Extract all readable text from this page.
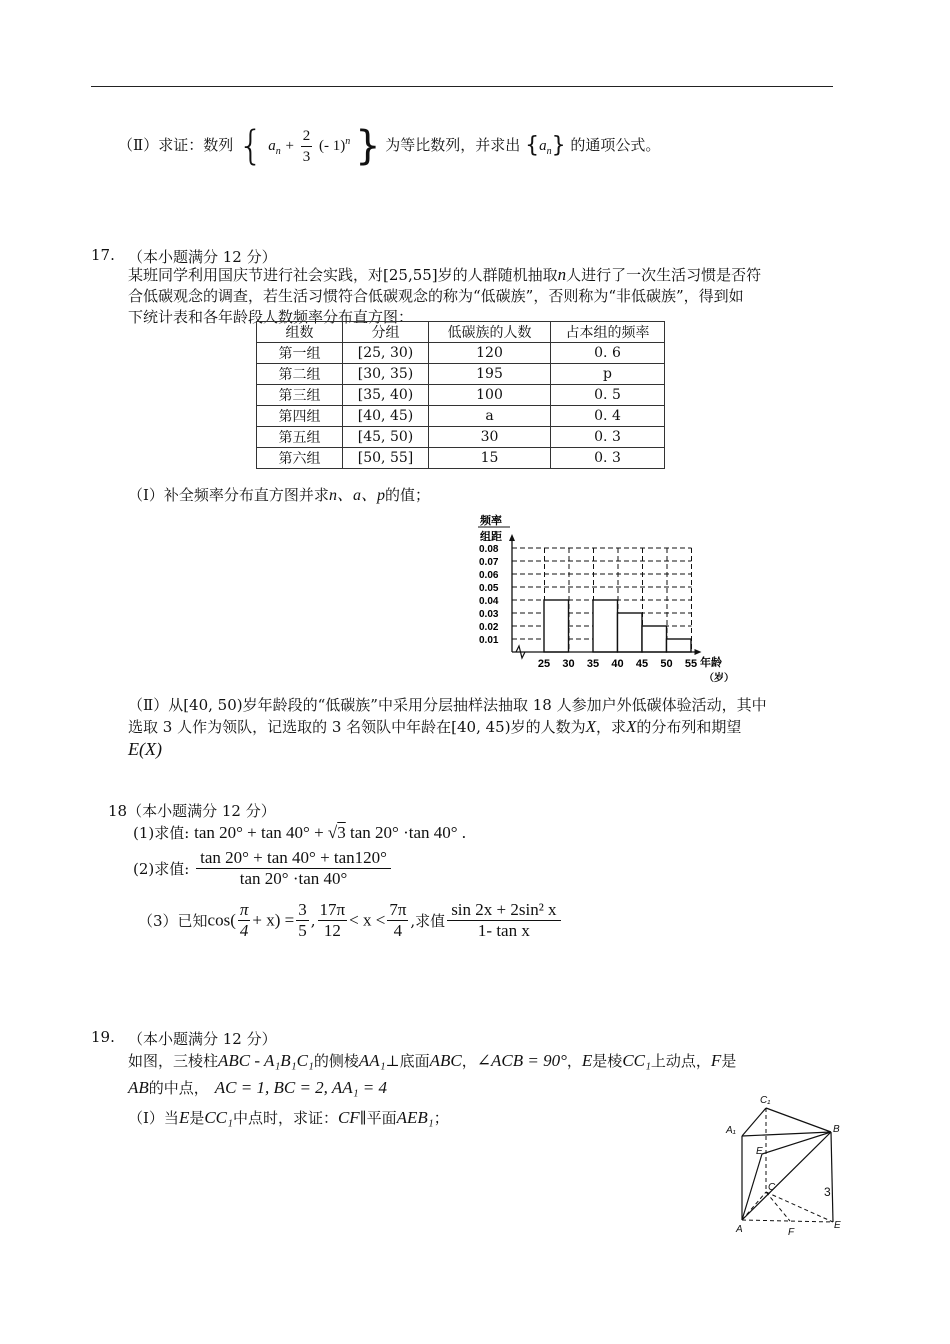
（Ⅱ）求证：数列 { $a_n + \frac{2}{3}$ (- 1)$^n$ } 为等比数列，并求出 $\{a_n\}$ 的通项公式。
17. （本小题满分 12 分）
某班同学利用国庆节进行社会实践，对[25,55]岁的人群随机抽取n人进行了一次生活习惯是否符
合低碳观念的调查，若生活习惯符合低碳观念的称为“低碳族”，否则称为“非低碳族”，得到如
下统计表和各年龄段人数频率分布直方图：
组数	分组	低碳族的人数	占本组的频率
第一组	[25, 30)	120	0. 6
第二组	[30, 35)	195	p
第三组	[35, 40)	100	0. 5
第四组	[40, 45)	a	0. 4
第五组	[45, 50)	30	0. 3
第六组	[50, 55]	15	0. 3
（Ⅰ）补全频率分布直方图并求n、a、p的值；
频率
组距
0.08
0.07
0.06
0.05
0.04
0.03
0.02
0.01
25 30 35 40 45 50 55 年龄
（岁）
（Ⅱ）从[40, 50)岁年龄段的“低碳族”中采用分层抽样法抽取 18 人参加户外低碳体验活动，其中
选取 3 人作为领队，记选取的 3 名领队中年龄在[40, 45)岁的人数为X，求X的分布列和期望
E(X)
18（本小题满分 12 分）
(1)求值: tan 20° + tan 40° + √3 tan 20° ·tan 40° .
(2)求值: $\frac{\tan 20^\circ + \tan 40^\circ + \tan 120^\circ}{\tan 20^\circ \cdot\tan 40^\circ}$
（3）已知$\cos( \frac{\pi}{4} + x) = \frac{3}{5}$ , $\frac{17\pi}{12} < x < \frac{7\pi}{4}$ ,求值 $\frac{\text{sin 2x + 2sin² x}}{\text{1- tan x}}$
19. （本小题满分 12 分）
如图，三棱柱ABC - A₁B₁C₁的侧棱AA₁⊥底面ABC，∠ACB = 90°，E是棱CC₁上动点，F是
AB的中点， AC = 1, BC = 2, AA₁ = 4
（Ⅰ）当E是CC₁中点时，求证：CF∥平面AEB₁；
C₁
A₁	B
E
C	3
A	F
E
